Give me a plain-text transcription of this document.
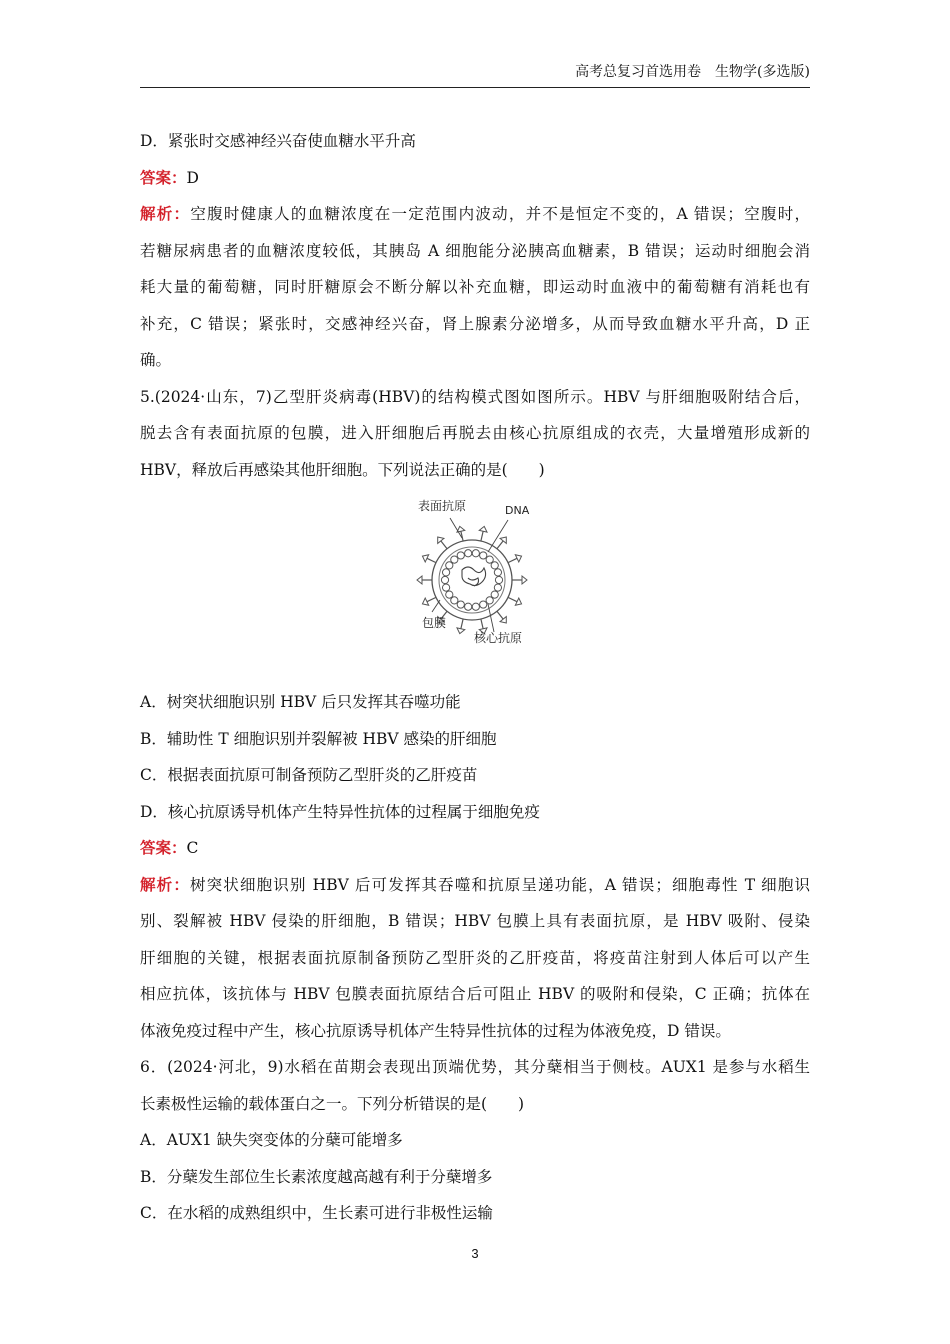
高考总复习首选用卷　生物学(多选版)
D．紧张时交感神经兴奋使血糖水平升高
答案：D
解析：空腹时健康人的血糖浓度在一定范围内波动，并不是恒定不变的，A 错误；空腹时，
若糖尿病患者的血糖浓度较低，其胰岛 A 细胞能分泌胰高血糖素，B 错误；运动时细胞会消
耗大量的葡萄糖，同时肝糖原会不断分解以补充血糖，即运动时血液中的葡萄糖有消耗也有
补充，C 错误；紧张时，交感神经兴奋，肾上腺素分泌增多，从而导致血糖水平升高，D 正
确。
5.(2024·山东，7)乙型肝炎病毒(HBV)的结构模式图如图所示。HBV 与肝细胞吸附结合后，
脱去含有表面抗原的包膜，进入肝细胞后再脱去由核心抗原组成的衣壳，大量增殖形成新的
HBV，释放后再感染其他肝细胞。下列说法正确的是(　　)
表面抗原	DNA
包膜
核心抗原
A．树突状细胞识别 HBV 后只发挥其吞噬功能
B．辅助性 T 细胞识别并裂解被 HBV 感染的肝细胞
C．根据表面抗原可制备预防乙型肝炎的乙肝疫苗
D．核心抗原诱导机体产生特异性抗体的过程属于细胞免疫
答案：C
解析：树突状细胞识别 HBV 后可发挥其吞噬和抗原呈递功能，A 错误；细胞毒性 T 细胞识
别、裂解被 HBV 侵染的肝细胞，B 错误；HBV 包膜上具有表面抗原，是 HBV 吸附、侵染
肝细胞的关键，根据表面抗原制备预防乙型肝炎的乙肝疫苗，将疫苗注射到人体后可以产生
相应抗体，该抗体与 HBV 包膜表面抗原结合后可阻止 HBV 的吸附和侵染，C 正确；抗体在
体液免疫过程中产生，核心抗原诱导机体产生特异性抗体的过程为体液免疫，D 错误。
6．(2024·河北，9)水稻在苗期会表现出顶端优势，其分蘖相当于侧枝。AUX1 是参与水稻生
长素极性运输的载体蛋白之一。下列分析错误的是(　　)
A．AUX1 缺失突变体的分蘖可能增多
B．分蘖发生部位生长素浓度越高越有利于分蘖增多
C．在水稻的成熟组织中，生长素可进行非极性运输
3
